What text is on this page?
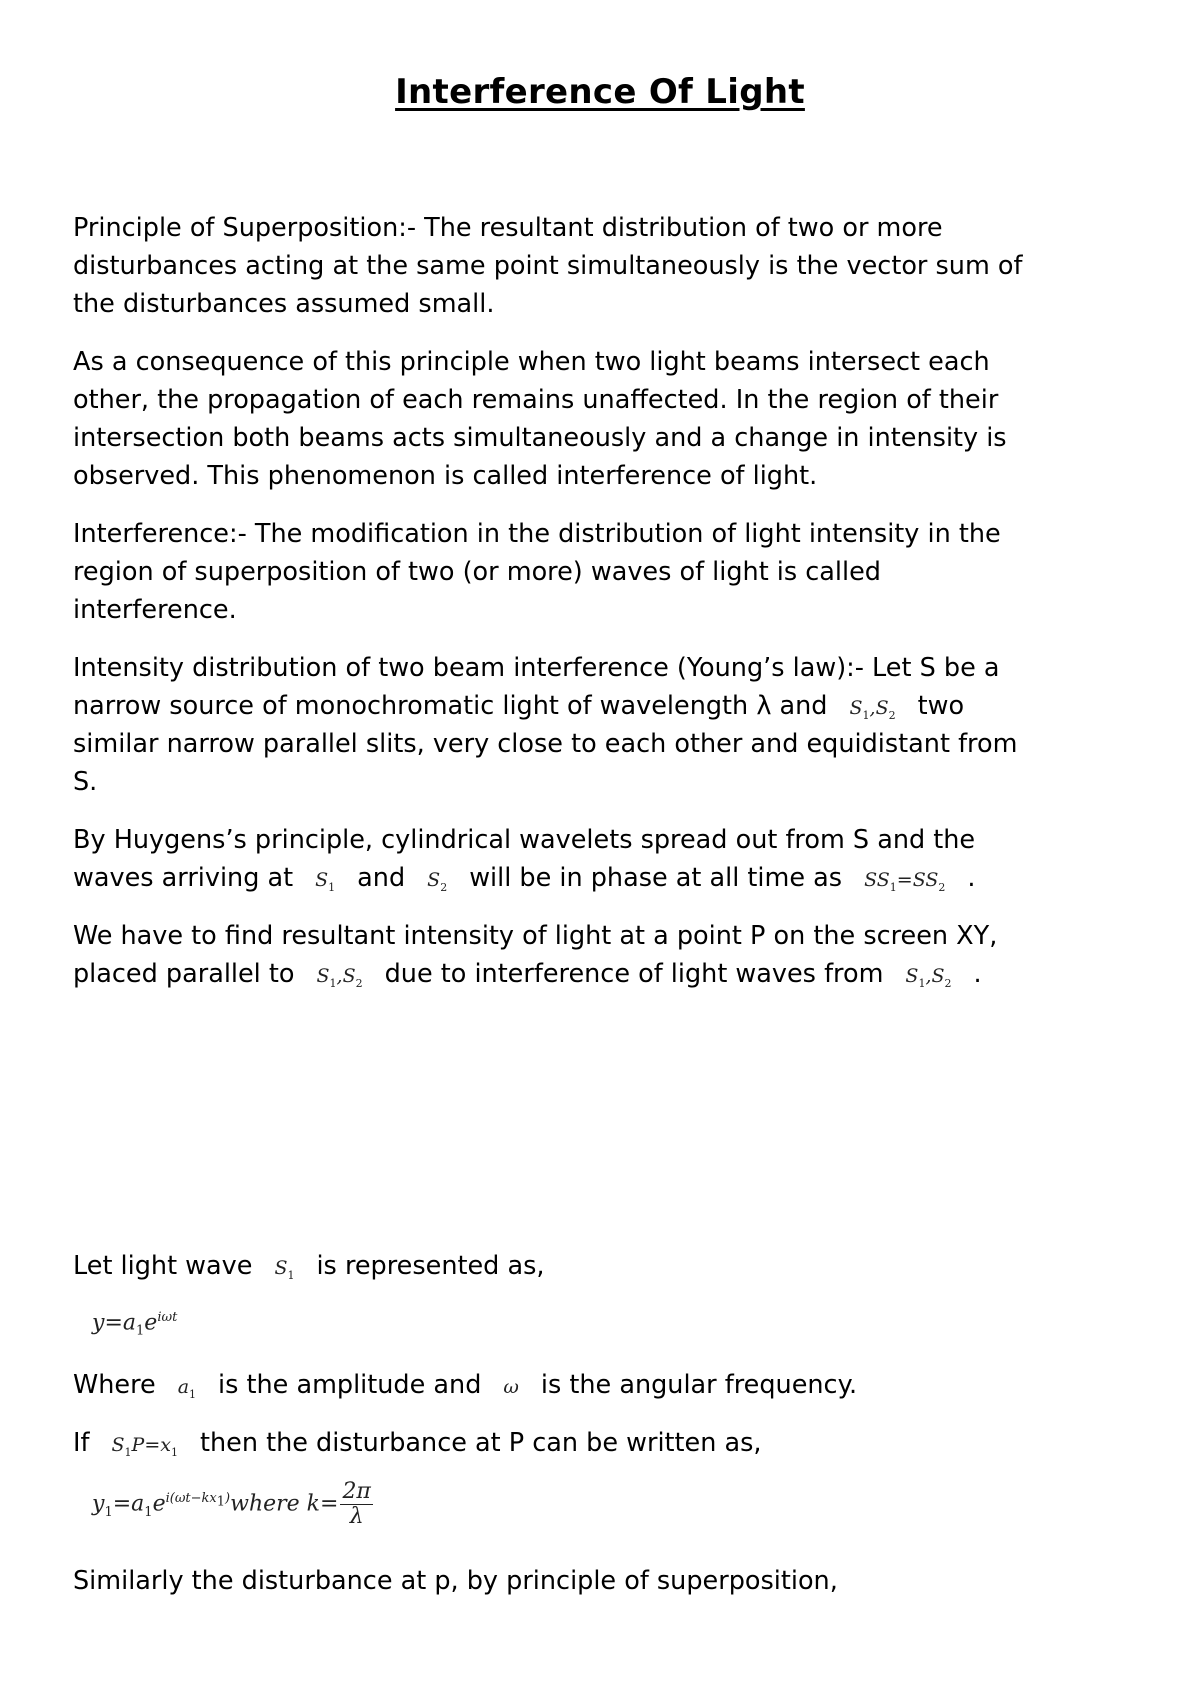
Interference Of Light
Principle of Superposition:- The resultant distribution of two or more
disturbances acting at the same point simultaneously is the vector sum of
the disturbances assumed small.
As a consequence of this principle when two light beams intersect each
other, the propagation of each remains unaffected. In the region of their
intersection both beams acts simultaneously and a change in intensity is
observed. This phenomenon is called interference of light.
Interference:- The modification in the distribution of light intensity in the
region of superposition of two (or more) waves of light is called
interference.
Intensity distribution of two beam interference (Young’s law):- Let S be a
narrow source of monochromatic light of wavelength λ and $S_1,S_2$ two
similar narrow parallel slits, very close to each other and equidistant from
S.
By Huygens’s principle, cylindrical wavelets spread out from S and the
waves arriving at $S_1$ and $S_2$ will be in phase at all time as $SS_1=SS_2$ .
We have to find resultant intensity of light at a point P on the screen XY,
placed parallel to $S_1,S_2$ due to interference of light waves from $S_1,S_2$ .
Let light wave $S_1$ is represented as,
$y=a_1e^{i\omega t}$
Where $a_1$ is the amplitude and ω is the angular frequency.
If $S_1P=x_1$ then the disturbance at P can be written as,
$y_1=a_1e^{i(\omega t-kx_1)}where$ $k= \frac{2\pi}{\lambda}$
Similarly the disturbance at p, by principle of superposition,
